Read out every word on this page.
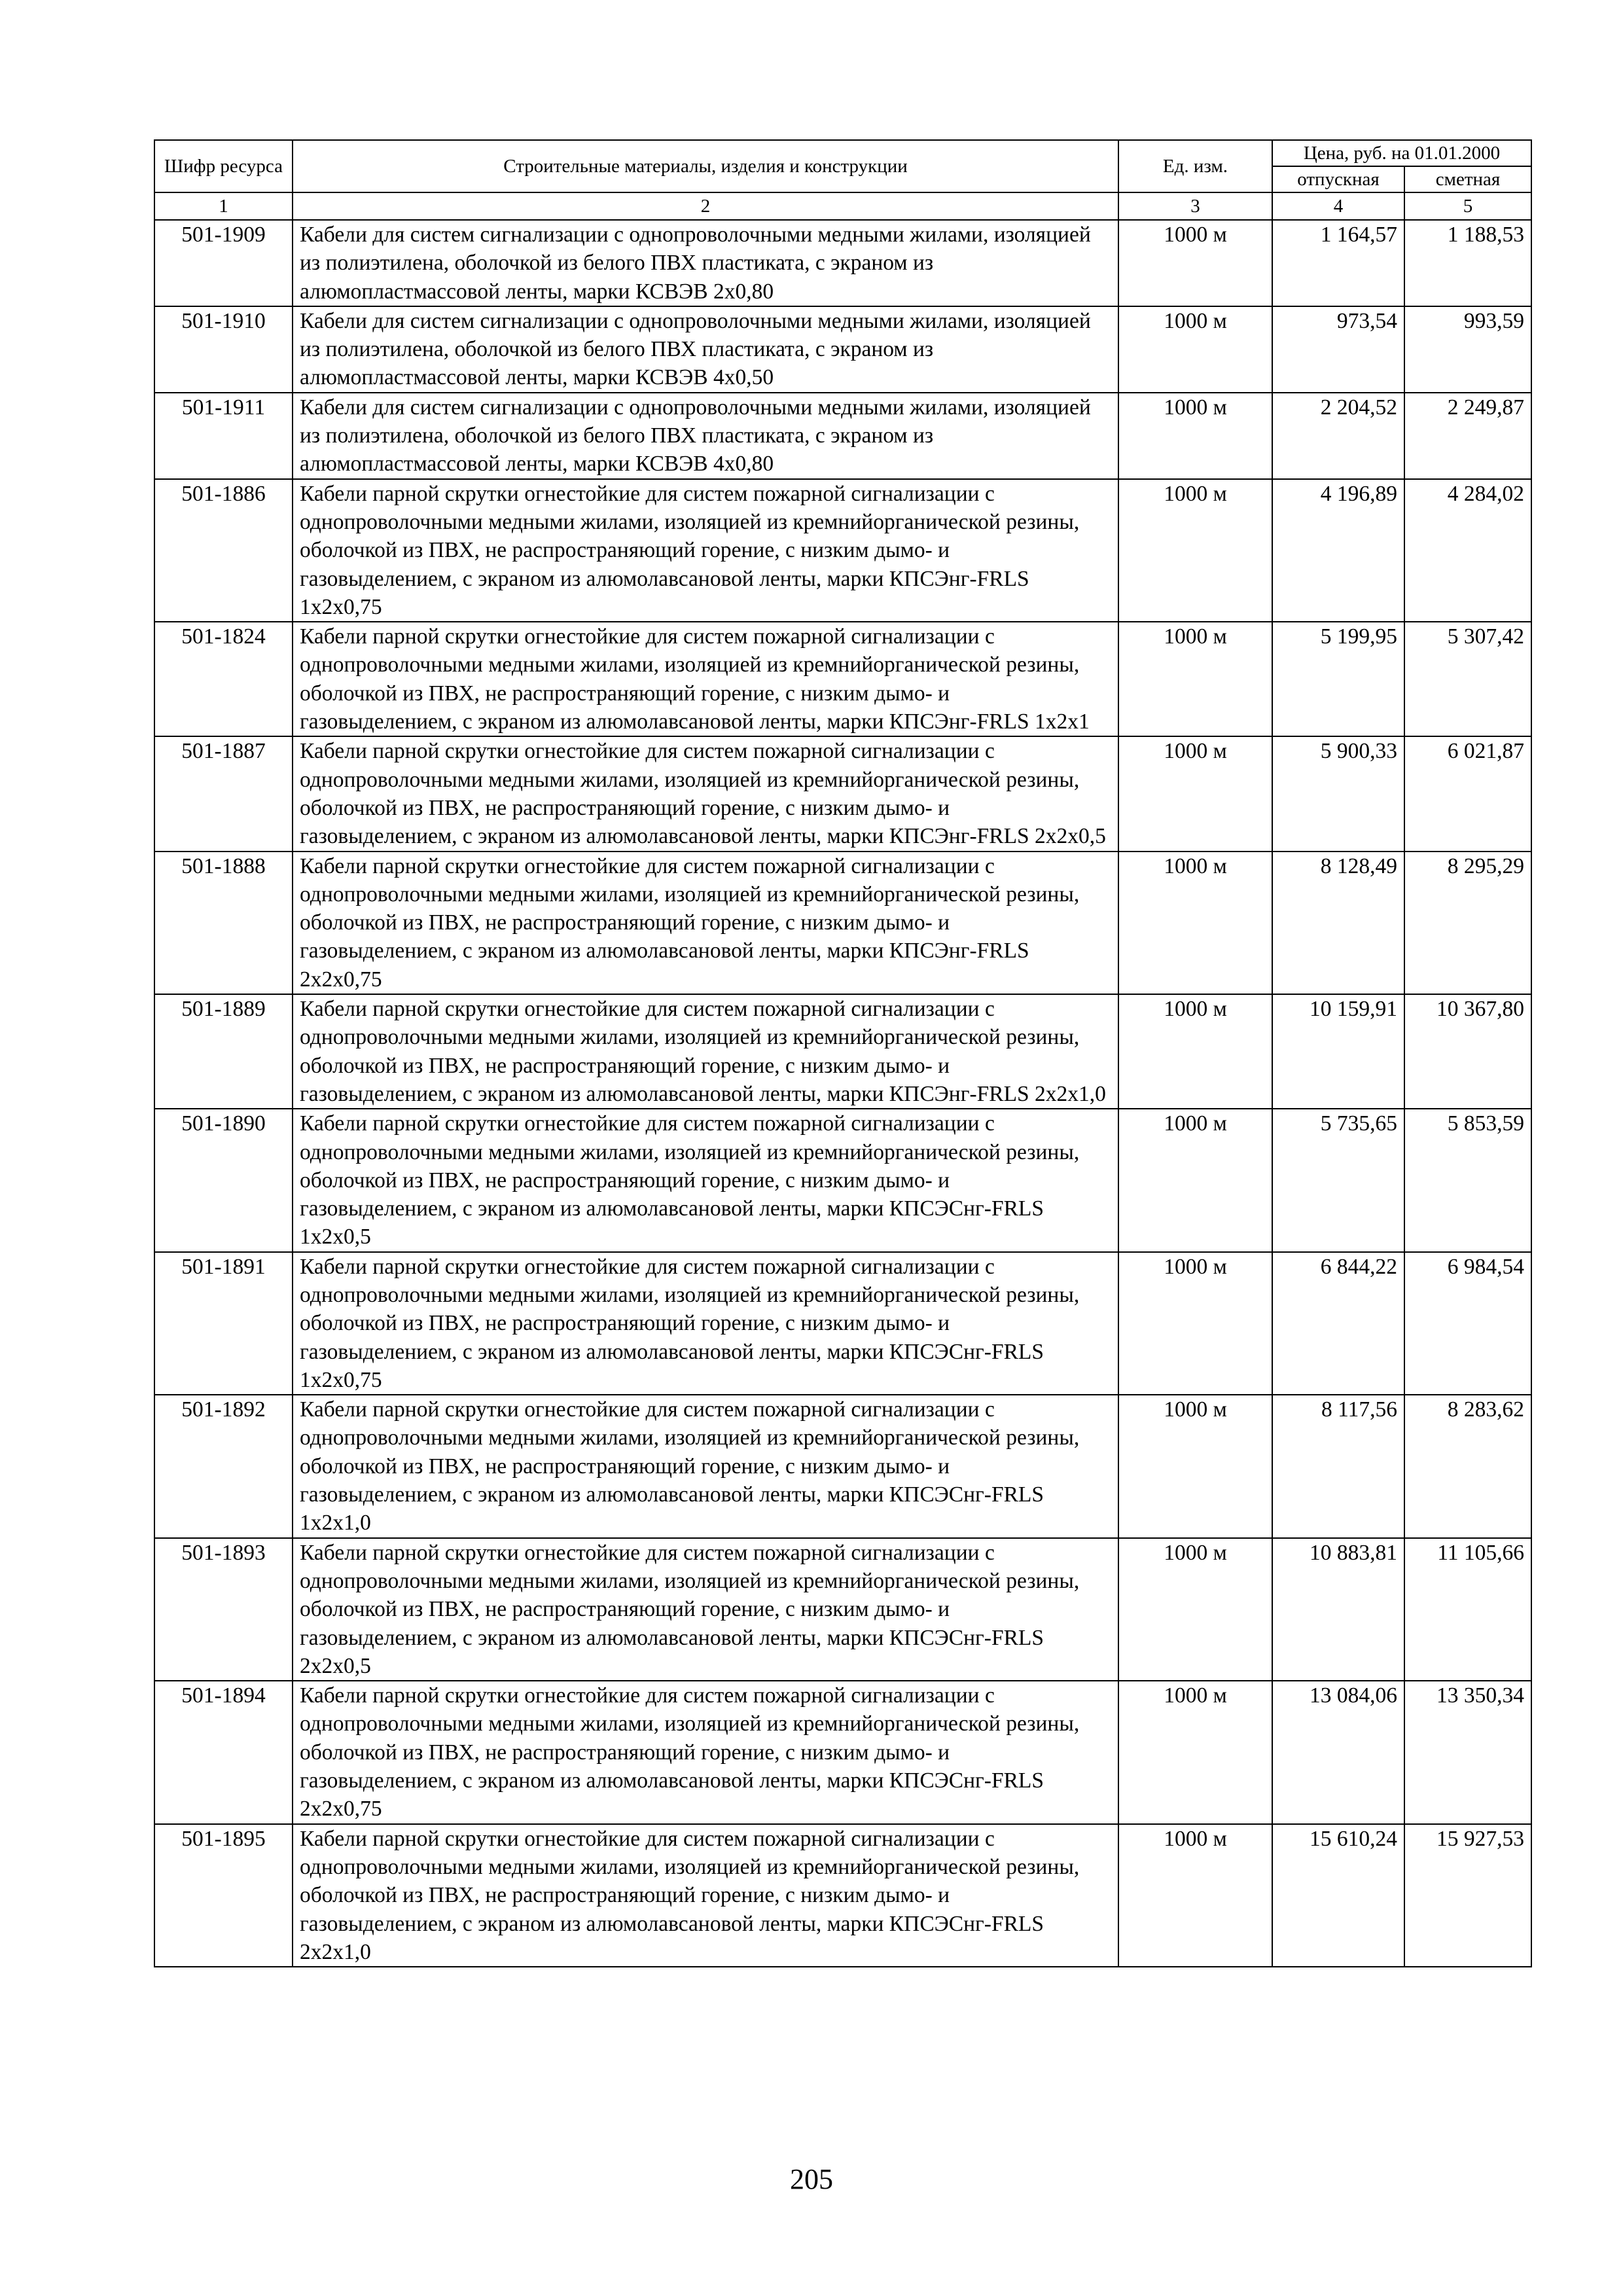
Шифр ресурса	Строительные материалы, изделия и конструкции	Ед. изм.	Цена, руб. на 01.01.2000	
			отпускная	сметная
1	2	3	4	5
501-1909	Кабели для систем сигнализации с однопроволочными медными жилами, изоляцией из полиэтилена, оболочкой из белого ПВХ пластиката, с экраном из алюмопластмассовой ленты, марки КСВЭВ 2х0,80	1000 м	1 164,57	1 188,53
501-1910	Кабели для систем сигнализации с однопроволочными медными жилами, изоляцией из полиэтилена, оболочкой из белого ПВХ пластиката, с экраном из алюмопластмассовой ленты, марки КСВЭВ 4х0,50	1000 м	973,54	993,59
501-1911	Кабели для систем сигнализации с однопроволочными медными жилами, изоляцией из полиэтилена, оболочкой из белого ПВХ пластиката, с экраном из алюмопластмассовой ленты, марки КСВЭВ 4х0,80	1000 м	2 204,52	2 249,87
501-1886	Кабели парной скрутки огнестойкие для систем пожарной сигнализации с однопроволочными медными жилами, изоляцией из кремнийорганической резины, оболочкой из ПВХ, не распространяющий горение, с низким дымо- и газовыделением, с экраном из алюмолавсановой ленты, марки КПСЭнг-FRLS 1х2х0,75	1000 м	4 196,89	4 284,02
501-1824	Кабели парной скрутки огнестойкие для систем пожарной сигнализации с однопроволочными медными жилами, изоляцией из кремнийорганической резины, оболочкой из ПВХ, не распространяющий горение, с низким дымо- и газовыделением, с экраном из алюмолавсановой ленты, марки КПСЭнг-FRLS 1х2х1	1000 м	5 199,95	5 307,42
501-1887	Кабели парной скрутки огнестойкие для систем пожарной сигнализации с однопроволочными медными жилами, изоляцией из кремнийорганической резины, оболочкой из ПВХ, не распространяющий горение, с низким дымо- и газовыделением, с экраном из алюмолавсановой ленты, марки КПСЭнг-FRLS 2х2х0,5	1000 м	5 900,33	6 021,87
501-1888	Кабели парной скрутки огнестойкие для систем пожарной сигнализации с однопроволочными медными жилами, изоляцией из кремнийорганической резины, оболочкой из ПВХ, не распространяющий горение, с низким дымо- и газовыделением, с экраном из алюмолавсановой ленты, марки КПСЭнг-FRLS 2х2х0,75	1000 м	8 128,49	8 295,29
501-1889	Кабели парной скрутки огнестойкие для систем пожарной сигнализации с однопроволочными медными жилами, изоляцией из кремнийорганической резины, оболочкой из ПВХ, не распространяющий горение, с низким дымо- и газовыделением, с экраном из алюмолавсановой ленты, марки КПСЭнг-FRLS 2х2х1,0	1000 м	10 159,91	10 367,80
501-1890	Кабели парной скрутки огнестойкие для систем пожарной сигнализации с однопроволочными медными жилами, изоляцией из кремнийорганической резины, оболочкой из ПВХ, не распространяющий горение, с низким дымо- и газовыделением, с экраном из алюмолавсановой ленты, марки КПСЭСнг-FRLS 1х2х0,5	1000 м	5 735,65	5 853,59
501-1891	Кабели парной скрутки огнестойкие для систем пожарной сигнализации с однопроволочными медными жилами, изоляцией из кремнийорганической резины, оболочкой из ПВХ, не распространяющий горение, с низким дымо- и газовыделением, с экраном из алюмолавсановой ленты, марки КПСЭСнг-FRLS 1х2х0,75	1000 м	6 844,22	6 984,54
501-1892	Кабели парной скрутки огнестойкие для систем пожарной сигнализации с однопроволочными медными жилами, изоляцией из кремнийорганической резины, оболочкой из ПВХ, не распространяющий горение, с низким дымо- и газовыделением, с экраном из алюмолавсановой ленты, марки КПСЭСнг-FRLS 1х2х1,0	1000 м	8 117,56	8 283,62
501-1893	Кабели парной скрутки огнестойкие для систем пожарной сигнализации с однопроволочными медными жилами, изоляцией из кремнийорганической резины, оболочкой из ПВХ, не распространяющий горение, с низким дымо- и газовыделением, с экраном из алюмолавсановой ленты, марки КПСЭСнг-FRLS 2х2х0,5	1000 м	10 883,81	11 105,66
501-1894	Кабели парной скрутки огнестойкие для систем пожарной сигнализации с однопроволочными медными жилами, изоляцией из кремнийорганической резины, оболочкой из ПВХ, не распространяющий горение, с низким дымо- и газовыделением, с экраном из алюмолавсановой ленты, марки КПСЭСнг-FRLS 2х2х0,75	1000 м	13 084,06	13 350,34
501-1895	Кабели парной скрутки огнестойкие для систем пожарной сигнализации с однопроволочными медными жилами, изоляцией из кремнийорганической резины, оболочкой из ПВХ, не распространяющий горение, с низким дымо- и газовыделением, с экраном из алюмолавсановой ленты, марки КПСЭСнг-FRLS 2х2х1,0	1000 м	15 610,24	15 927,53
205
